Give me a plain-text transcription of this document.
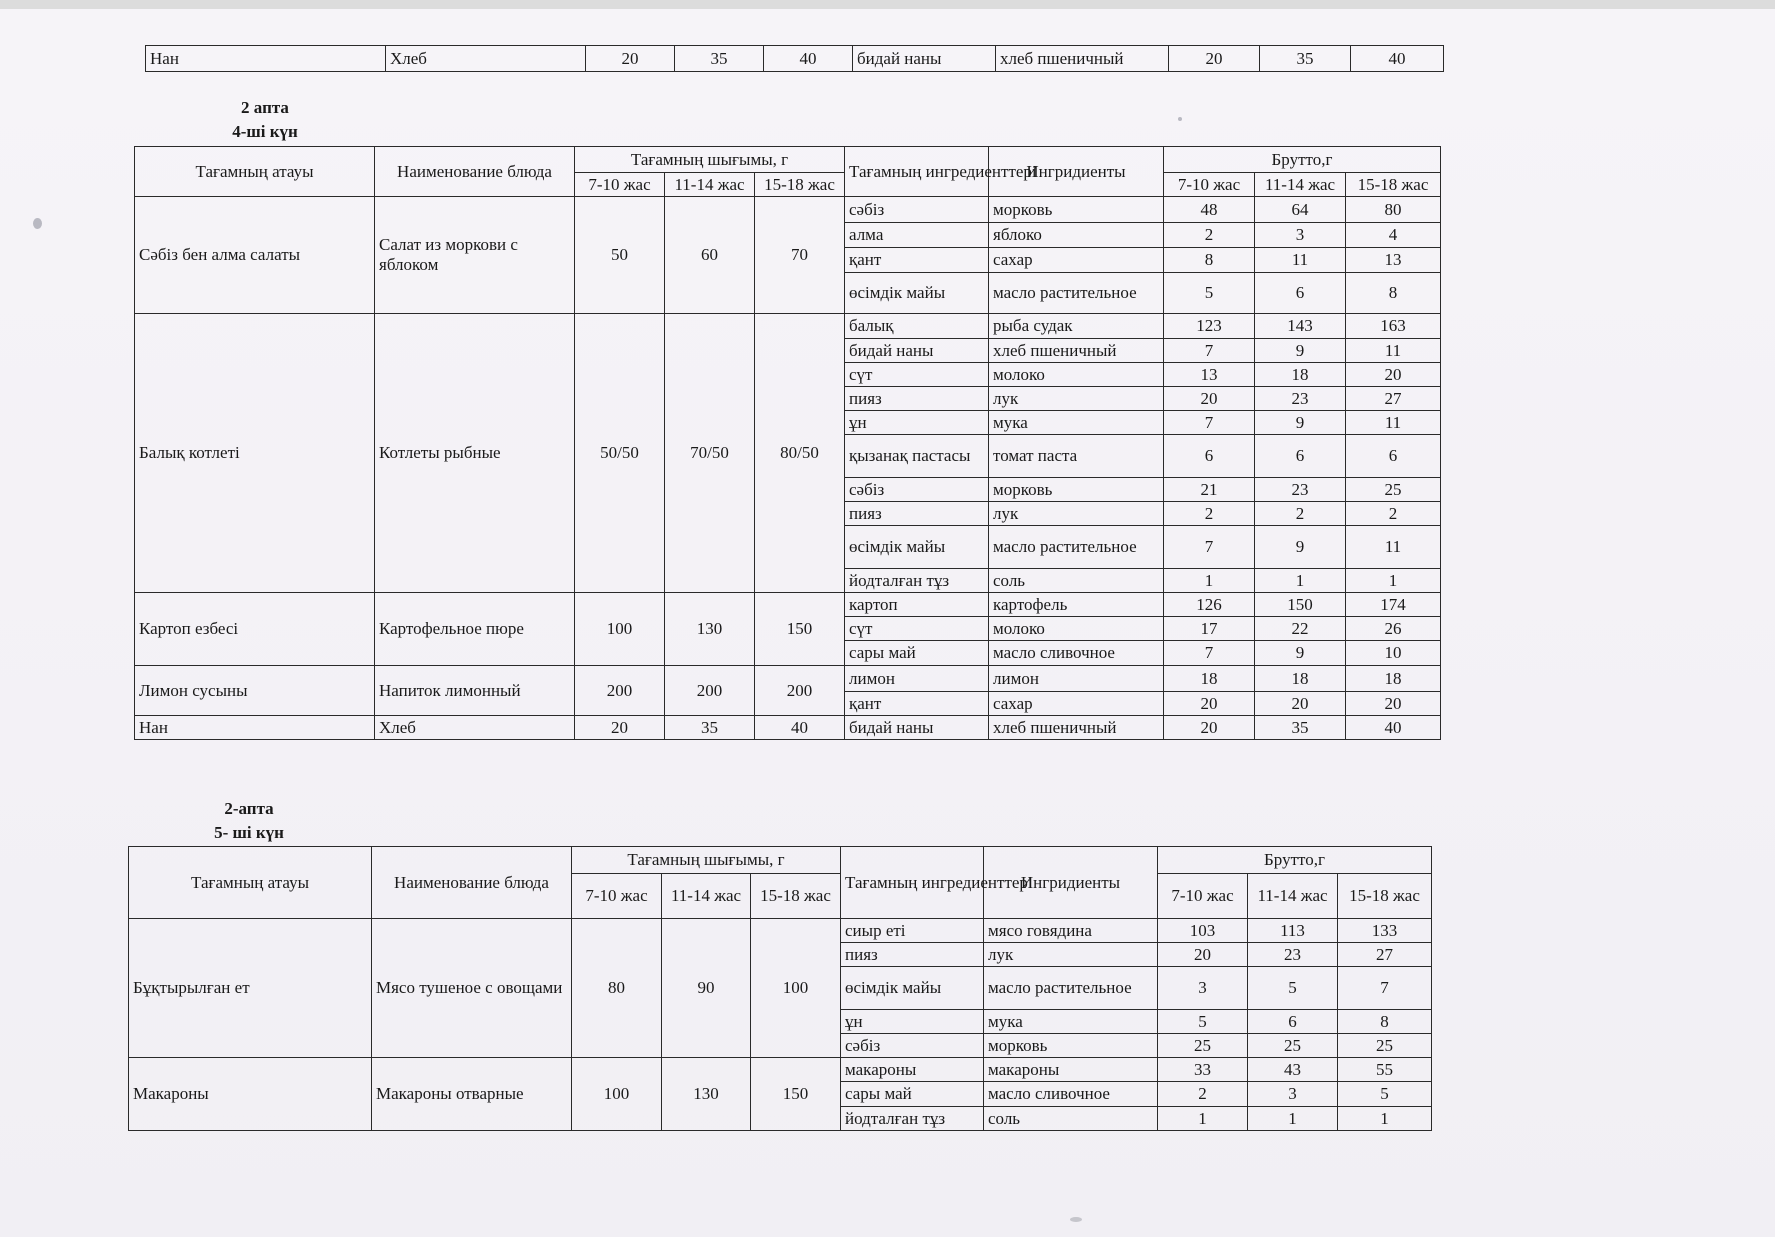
Нан	Хлеб	20	35	40	бидай наны	хлеб пшеничный	20	35	40
2 апта
4-ші күн
Тағамның атауы	Наименование блюда	Тағамның шығымы, г			Тағамның ингредиенттері	Ингридиенты	Брутто,г		
		7-10 жас	11-14 жас	15-18 жас			7-10 жас	11-14 жас	15-18 жас
Сәбіз бен алма салаты	Салат из моркови с яблоком	50	60	70	сәбіз	морковь	48	64	80
					алма	яблоко	2	3	4
					қант	сахар	8	11	13
					өсімдік майы	масло растительное	5	6	8
Балық котлеті	Котлеты рыбные	50/50	70/50	80/50	балық	рыба судак	123	143	163
					бидай наны	хлеб пшеничный	7	9	11
					сүт	молоко	13	18	20
					пияз	лук	20	23	27
					ұн	мука	7	9	11
					қызанақ пастасы	томат паста	6	6	6
					сәбіз	морковь	21	23	25
					пияз	лук	2	2	2
					өсімдік майы	масло растительное	7	9	11
					йодталған тұз	соль	1	1	1
Картоп езбесі	Картофельное пюре	100	130	150	картоп	картофель	126	150	174
					сүт	молоко	17	22	26
					сары май	масло сливочное	7	9	10
Лимон сусыны	Напиток лимонный	200	200	200	лимон	лимон	18	18	18
					қант	сахар	20	20	20
Нан	Хлеб	20	35	40	бидай наны	хлеб пшеничный	20	35	40
2-апта
5- ші күн
Тағамның атауы	Наименование блюда	Тағамның шығымы, г			Тағамның ингредиенттері	Ингридиенты	Брутто,г		
		7-10 жас	11-14 жас	15-18 жас			7-10 жас	11-14 жас	15-18 жас
Бұқтырылған ет	Мясо тушеное с овощами	80	90	100	сиыр еті	мясо говядина	103	113	133
					пияз	лук	20	23	27
					өсімдік майы	масло растительное	3	5	7
					ұн	мука	5	6	8
					сәбіз	морковь	25	25	25
Макароны	Макароны отварные	100	130	150	макароны	макароны	33	43	55
					сары май	масло сливочное	2	3	5
					йодталған тұз	соль	1	1	1
